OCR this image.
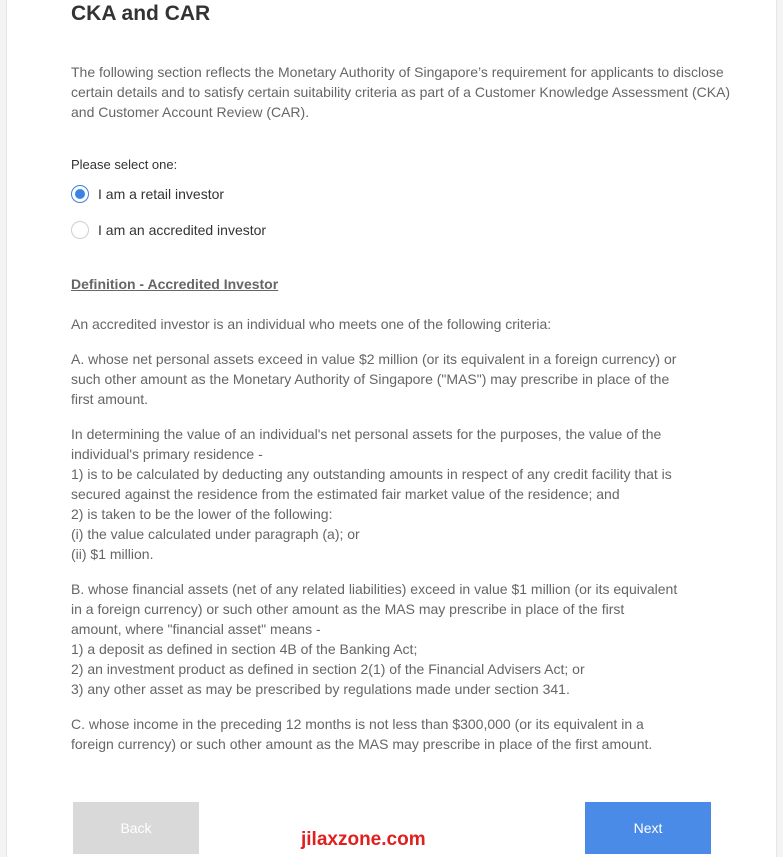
CKA and CAR
The following section reflects the Monetary Authority of Singapore’s requirement for applicants to disclose certain details and to satisfy certain suitability criteria as part of a Customer Knowledge Assessment (CKA) and Customer Account Review (CAR).
Please select one:
I am a retail investor
I am an accredited investor
Definition - Accredited Investor
An accredited investor is an individual who meets one of the following criteria:
A. whose net personal assets exceed in value $2 million (or its equivalent in a foreign currency) or
such other amount as the Monetary Authority of Singapore ("MAS") may prescribe in place of the
first amount.
In determining the value of an individual's net personal assets for the purposes, the value of the
individual's primary residence -
1) is to be calculated by deducting any outstanding amounts in respect of any credit facility that is
secured against the residence from the estimated fair market value of the residence; and
2) is taken to be the lower of the following:
(i) the value calculated under paragraph (a); or
(ii) $1 million.
B. whose financial assets (net of any related liabilities) exceed in value $1 million (or its equivalent
in a foreign currency) or such other amount as the MAS may prescribe in place of the first
amount, where "financial asset" means -
1) a deposit as defined in section 4B of the Banking Act;
2) an investment product as defined in section 2(1) of the Financial Advisers Act; or
3) any other asset as may be prescribed by regulations made under section 341.
C. whose income in the preceding 12 months is not less than $300,000 (or its equivalent in a
foreign currency) or such other amount as the MAS may prescribe in place of the first amount.
Back	Next
jilaxzone.com
